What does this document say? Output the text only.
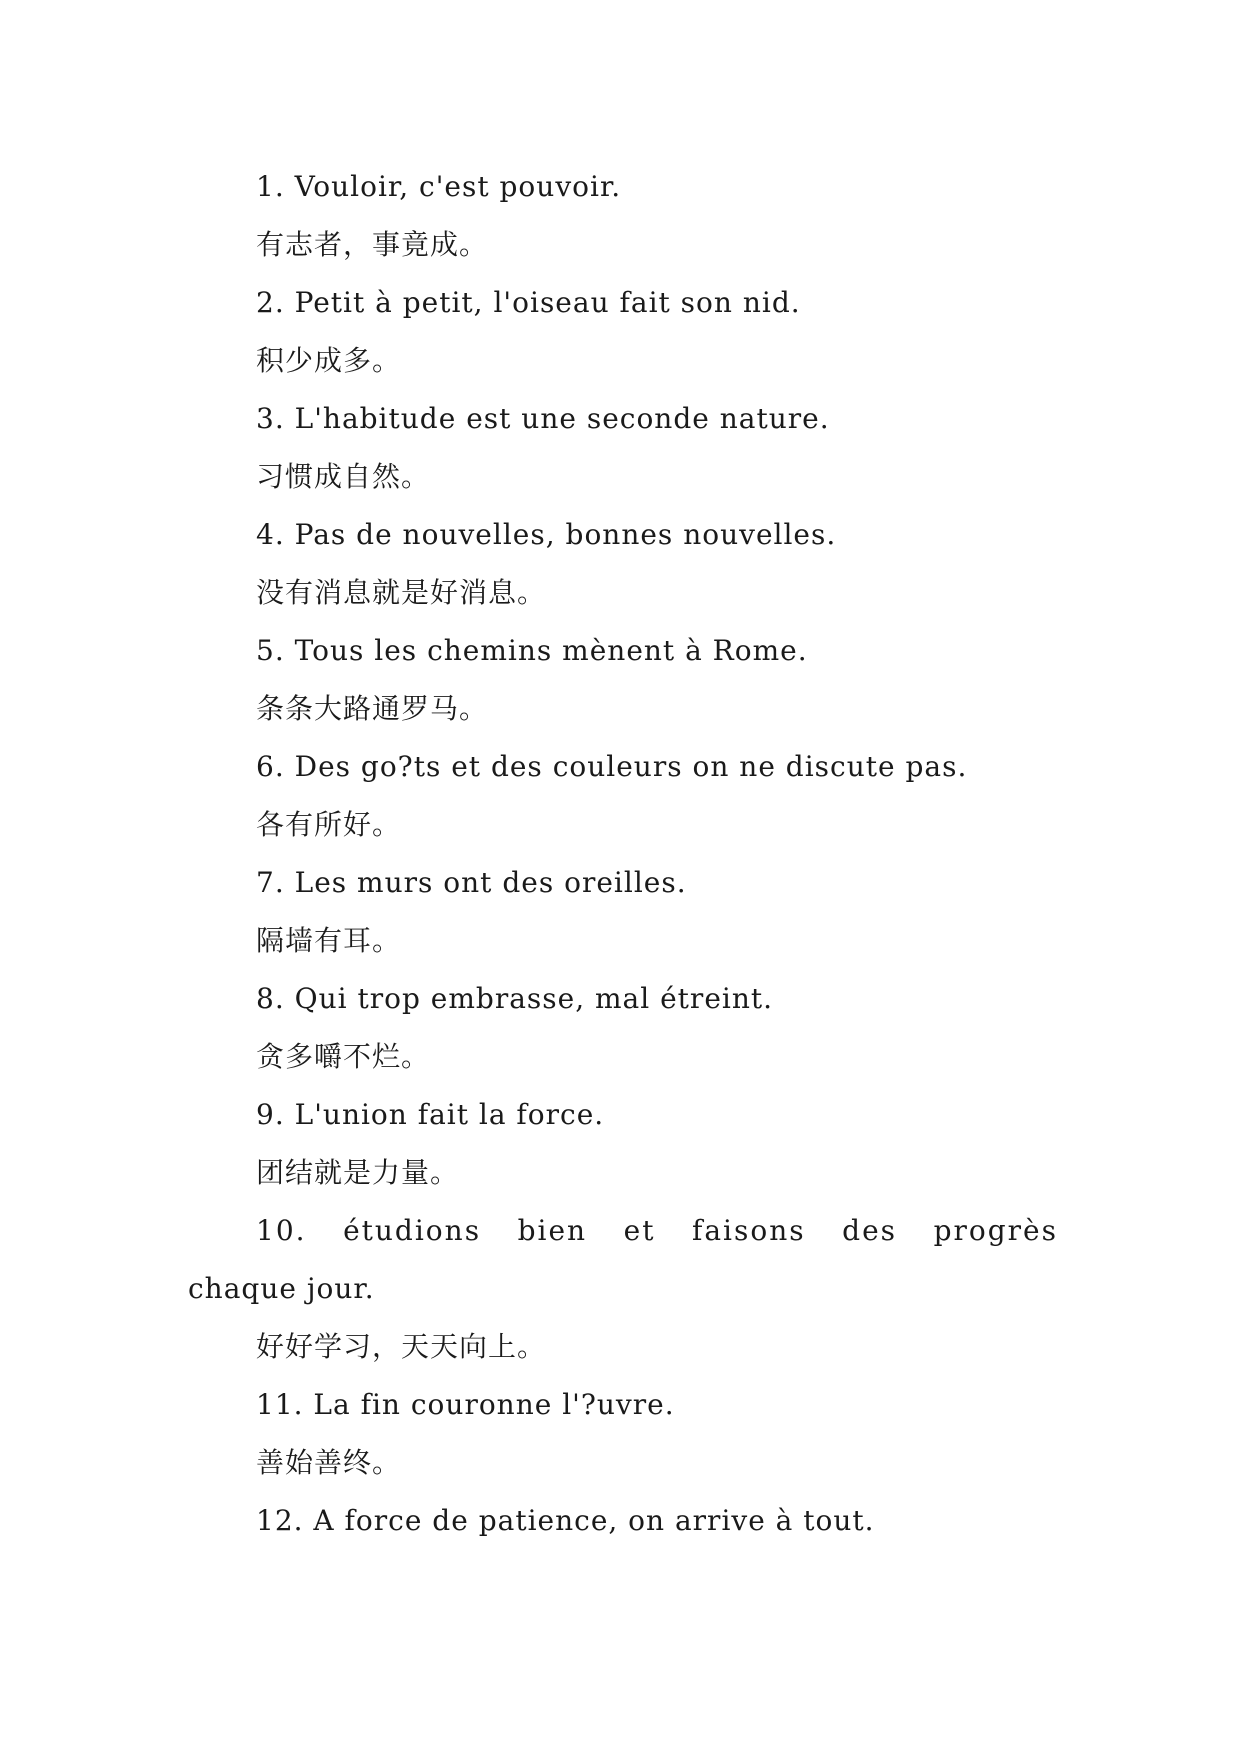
1. Vouloir, c'est pouvoir.
有志者，事竟成。
2. Petit à petit, l'oiseau fait son nid.
积少成多。
3. L'habitude est une seconde nature.
习惯成自然。
4. Pas de nouvelles, bonnes nouvelles.
没有消息就是好消息。
5. Tous les chemins mènent à Rome.
条条大路通罗马。
6. Des go?ts et des couleurs on ne discute pas.
各有所好。
7. Les murs ont des oreilles.
隔墙有耳。
8. Qui trop embrasse, mal étreint.
贪多嚼不烂。
9. L'union fait la force.
团结就是力量。
10. étudions bien et faisons des progrès
chaque jour.
好好学习，天天向上。
11. La fin couronne l'?uvre.
善始善终。
12. A force de patience, on arrive à tout.
